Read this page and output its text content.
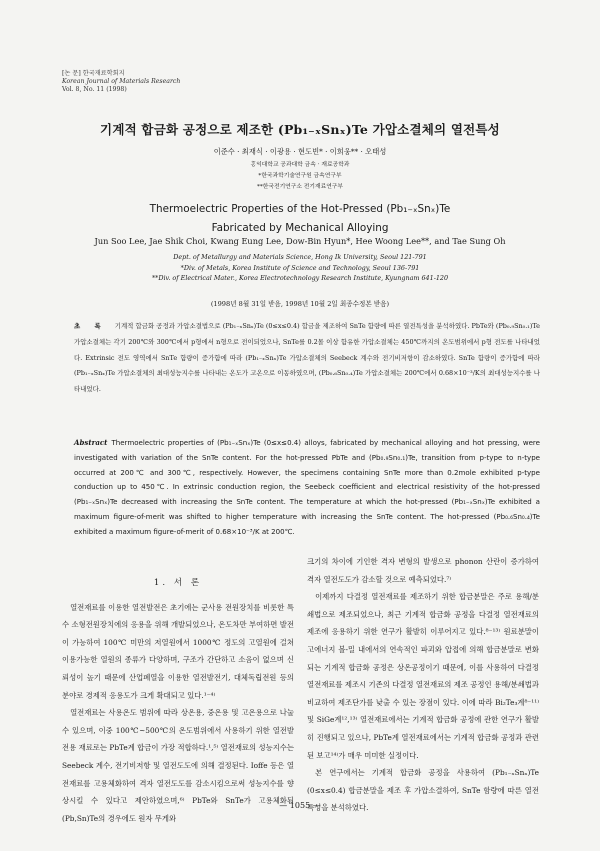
[논 문] 한국재료학회지
Korean Journal of Materials Research
Vol. 8, No. 11 (1998)
기계적 합금화 공정으로 제조한 (Pb₁₋ₓSnₓ)Te 가압소결체의 열전특성
이준수 · 최재식 · 이광용 · 현도빈* · 이희웅** · 오태성
홍익대학교 공과대학 금속 · 재료공학과
*한국과학기술연구원 금속연구부
**한국전기연구소 전기재료연구부
Thermoelectric Properties of the Hot-Pressed (Pb₁₋ₓSnₓ)Te
Fabricated by Mechanical Alloying
Jun Soo Lee, Jae Shik Choi, Kwang Eung Lee, Dow-Bin Hyun*, Hee Woong Lee**, and Tae Sung Oh
Dept. of Metallurgy and Materials Science, Hong Ik University, Seoul 121-791
*Div. of Metals, Korea Institute of Science and Technology, Seoul 136-791
**Div. of Electrical Mater., Korea Electrotechnology Research Institute, Kyungnam 641-120
(1998년 8월 31일 받음, 1998년 10월 2일 최종수정본 받음)
초 록 기계적 합금화 공정과 가압소결법으로 (Pb₁₋ₓSnₓ)Te (0≤x≤0.4) 합금을 제조하여 SnTe 함량에 따른 열전특성을 분석하였다. PbTe와 (Pb₀.₉Sn₀.₁)Te 가압소결체는 각기 200℃와 300℃에서 p형에서 n형으로 전이되었으나, SnTe를 0.2몰 이상 함유한 가압소결체는 450℃까지의 온도범위에서 p형 전도를 나타내었다. Extrinsic 전도 영역에서 SnTe 함량이 증가함에 따라 (Pb₁₋ₓSnₓ)Te 가압소결체의 Seebeck 계수와 전기비저항이 감소하였다. SnTe 함량이 증가함에 따라 (Pb₁₋ₓSnₓ)Te 가압소결체의 최대성능지수를 나타내는 온도가 고온으로 이동하였으며, (Pb₀.₆Sn₀.₄)Te 가압소결체는 200℃에서 0.68×10⁻³/K의 최대성능지수를 나타내었다.
Abstract Thermoelectric properties of (Pb₁₋ₓSnₓ)Te (0≤x≤0.4) alloys, fabricated by mechanical alloying and hot pressing, were investigated with variation of the SnTe content. For the hot-pressed PbTe and (Pb₀.₉Sn₀.₁)Te, transition from p-type to n-type occurred at 200℃ and 300℃, respectively. However, the specimens containing SnTe more than 0.2mole exhibited p-type conduction up to 450℃. In extrinsic conduction region, the Seebeck coefficient and electrical resistivity of the hot-pressed (Pb₁₋ₓSnₓ)Te decreased with increasing the SnTe content. The temperature at which the hot-pressed (Pb₁₋ₓSnₓ)Te exhibited a maximum figure-of-merit was shifted to higher temperature with increasing the SnTe content. The hot-pressed (Pb₀.₆Sn₀.₄)Te exhibited a maximum figure-of-merit of 0.68×10⁻³/K at 200℃.
1. 서 론

열전재료를 이용한 열전발전은 초기에는 군사용 전원장치를 비롯한 특수 소형전원장치에의 응용을 위해 개발되었으나, 온도차만 부여하면 발전이 가능하여 100℃ 미만의 저열원에서 1000℃ 정도의 고열원에 걸쳐 이용가능한 열원의 종류가 다양하며, 구조가 간단하고 소음이 없으며 신뢰성이 높기 때문에 산업폐열을 이용한 열전발전기, 대체독립전원 등의 분야로 경제적 응용도가 크게 확대되고 있다.¹⁻⁴⁾

열전재료는 사용온도 범위에 따라 상온용, 중온용 및 고온용으로 나눌 수 있으며, 이중 100℃~500℃의 온도범위에서 사용하기 위한 열전발전용 재료로는 PbTe계 합금이 가장 적합하다.¹,⁵⁾ 열전재료의 성능지수는 Seebeck 계수, 전기비저항 및 열전도도에 의해 결정된다. Ioffe 등은 열전재료를 고용체화하여 격자 열전도도를 감소시킴으로써 성능지수를 향상시킬 수 있다고 제안하였으며,⁶⁾ PbTe와 SnTe가 고용체화된 (Pb,Sn)Te의 경우에도 원자 무게와

크기의 차이에 기인한 격자 변형의 발생으로 phonon 산란이 증가하여 격자 열전도도가 감소할 것으로 예측되었다.⁷⁾

이제까지 다결정 열전재료를 제조하기 위한 합금분말은 주로 용해/분쇄법으로 제조되었으나, 최근 기계적 합금화 공정을 다결정 열전재료의 제조에 응용하기 위한 연구가 활발히 이루어지고 있다.⁸⁻¹³⁾ 원료분말이 고에너지 볼-밀 내에서의 연속적인 파괴와 압접에 의해 합금분말로 변화되는 기계적 합금화 공정은 상온공정이기 때문에, 이를 사용하여 다결정 열전재료를 제조시 기존의 다결정 열전재료의 제조 공정인 용해/분쇄법과 비교하여 제조단가를 낮출 수 있는 장점이 있다. 이에 따라 Bi₂Te₃계⁸⁻¹¹⁾ 및 SiGe계¹²,¹³⁾ 열전재료에서는 기계적 합금화 공정에 관한 연구가 활발히 진행되고 있으나, PbTe계 열전재료에서는 기계적 합금화 공정과 관련된 보고¹⁴⁾가 매우 미미한 실정이다.

본 연구에서는 기계적 합금화 공정을 사용하여 (Pb₁₋ₓSnₓ)Te (0≤x≤0.4) 합금분말을 제조 후 가압소결하여, SnTe 함량에 따른 열전특성을 분석하였다.

— 1055 —
